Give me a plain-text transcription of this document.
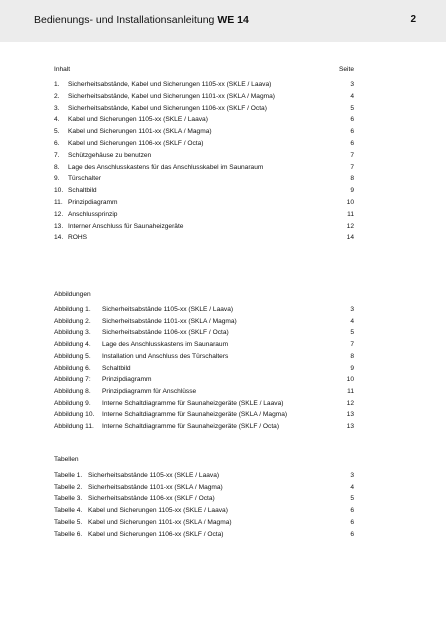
Bedienungs- und Installationsanleitung WE 14	2
Inhalt	Seite
1. Sicherheitsabstände, Kabel und Sicherungen 1105-xx (SKLE / Laava)	3
2. Sicherheitsabstände, Kabel und Sicherungen 1101-xx (SKLA / Magma)	4
3. Sicherheitsabstände, Kabel und Sicherungen 1106-xx (SKLF / Octa)	5
4. Kabel und Sicherungen 1105-xx (SKLE / Laava)	6
5. Kabel und Sicherungen 1101-xx (SKLA / Magma)	6
6. Kabel und Sicherungen 1106-xx (SKLF / Octa)	6
7. Schützgehäuse zu benutzen	7
8. Lage des Anschlusskastens für das Anschlusskabel im Saunaraum	7
9. Türschalter	8
10. Schaltbild	9
11. Prinzipdiagramm	10
12. Anschlussprinzip	11
13. Interner Anschluss für Saunaheizgeräte	12
14. ROHS	14
Abbildungen
Abbildung 1. Sicherheitsabstände 1105-xx (SKLE / Laava)	3
Abbildung 2. Sicherheitsabstände 1101-xx (SKLA / Magma)	4
Abbildung 3. Sicherheitsabstände 1106-xx (SKLF / Octa)	5
Abbildung 4. Lage des Anschlusskastens im Saunaraum	7
Abbildung 5. Installation und Anschluss des Türschalters	8
Abbildung 6. Schaltbild	9
Abbildung 7: Prinzipdiagramm	10
Abbildung 8. Prinzipdiagramm für Anschlüsse	11
Abbildung 9. Interne Schaltdiagramme für Saunaheizgeräte (SKLE / Laava)	12
Abbildung 10. Interne Schaltdiagramme für Saunaheizgeräte (SKLA / Magma)	13
Abbildung 11. Interne Schaltdiagramme für Saunaheizgeräte (SKLF / Octa)	13
Tabellen
Tabelle 1. Sicherheitsabstände 1105-xx (SKLE / Laava)	3
Tabelle 2. Sicherheitsabstände 1101-xx (SKLA / Magma)	4
Tabelle 3. Sicherheitsabstände 1106-xx (SKLF / Octa)	5
Tabelle 4. Kabel und Sicherungen 1105-xx (SKLE / Laava)	6
Tabelle 5. Kabel und Sicherungen 1101-xx (SKLA / Magma)	6
Tabelle 6. Kabel und Sicherungen 1106-xx (SKLF / Octa)	6
